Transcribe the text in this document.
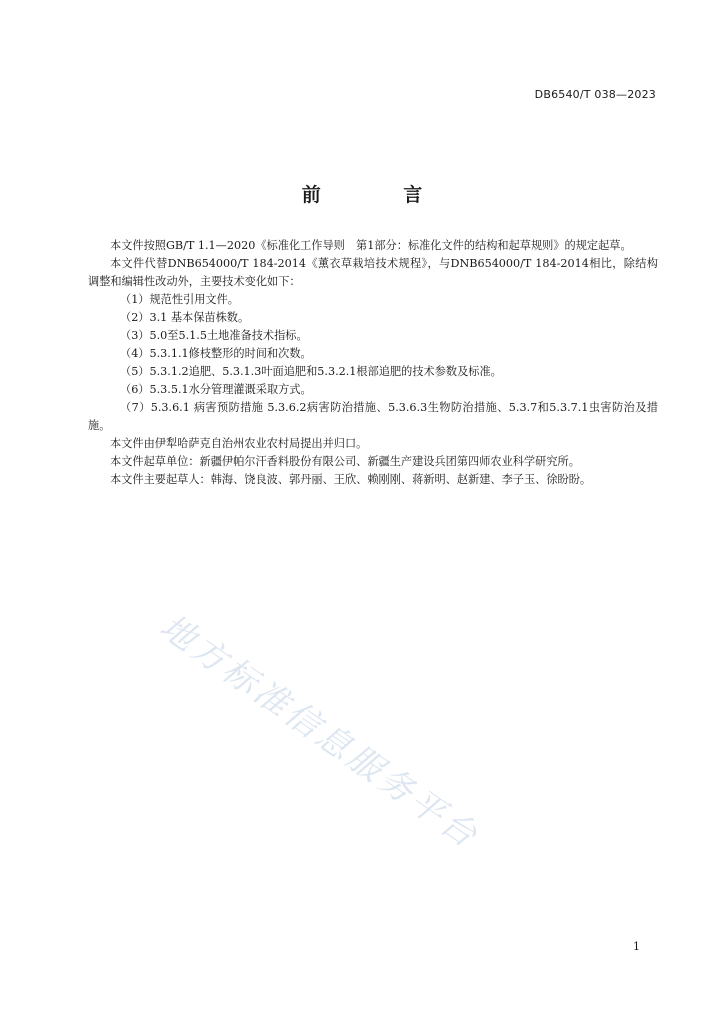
DB6540/T 038—2023
前 言

本文件按照GB/T 1.1—2020《标准化工作导则　第1部分：标准化文件的结构和起草规则》的规定起草。

本文件代替DNB654000/T 184-2014《薰衣草栽培技术规程》，与DNB654000/T 184-2014相比，除结构调整和编辑性改动外，主要技术变化如下：

（1）规范性引用文件。

（2）3.1 基本保苗株数。

（3）5.0至5.1.5土地准备技术指标。

（4）5.3.1.1修枝整形的时间和次数。

（5）5.3.1.2追肥、5.3.1.3叶面追肥和5.3.2.1根部追肥的技术参数及标准。

（6）5.3.5.1水分管理灌溉采取方式。

（7）5.3.6.1 病害预防措施 5.3.6.2病害防治措施、5.3.6.3生物防治措施、5.3.7和5.3.7.1虫害防治及措施。

本文件由伊犁哈萨克自治州农业农村局提出并归口。

本文件起草单位：新疆伊帕尔汗香料股份有限公司、新疆生产建设兵团第四师农业科学研究所。

本文件主要起草人：韩海、饶良波、郭丹丽、王欣、赖刚刚、蒋新明、赵新建、李子玉、徐盼盼。

地方标准信息服务平台
1
